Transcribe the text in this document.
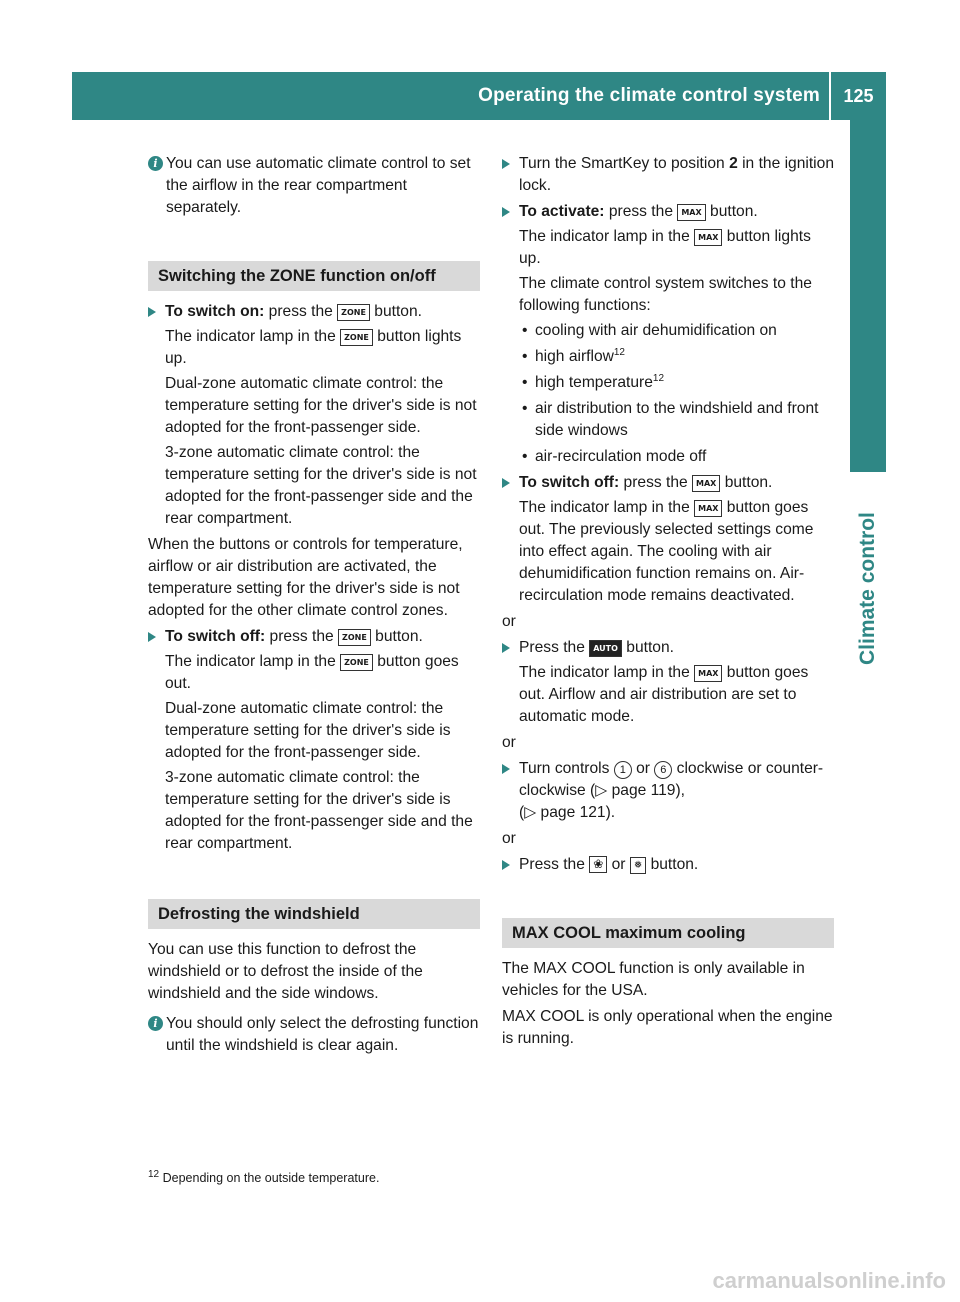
Operating the climate control system	125
Climate control
i You can use automatic climate control to set the airflow in the rear compartment separately.
Switching the ZONE function on/off

To switch on: press the ZONE button.

The indicator lamp in the ZONE button lights up.

Dual-zone automatic climate control: the temperature setting for the driver's side is not adopted for the front-passenger side.

3-zone automatic climate control: the temperature setting for the driver's side is not adopted for the front-passenger side and the rear compartment.

When the buttons or controls for temperature, airflow or air distribution are activated, the temperature setting for the driver's side is not adopted for the other climate control zones.

To switch off: press the ZONE button.

The indicator lamp in the ZONE button goes out.

Dual-zone automatic climate control: the temperature setting for the driver's side is adopted for the front-passenger side.

3-zone automatic climate control: the temperature setting for the driver's side is adopted for the front-passenger side and the rear compartment.

Defrosting the windshield

You can use this function to defrost the windshield or to defrost the inside of the windshield and the side windows.

i You should only select the defrosting function until the windshield is clear again.

Turn the SmartKey to position 2 in the ignition lock.

To activate: press the MAX button.

The indicator lamp in the MAX button lights up.

The climate control system switches to the following functions:

• cooling with air dehumidification on
• high airflow$^{12}$
• high temperature$^{12}$
• air distribution to the windshield and front side windows
• air-recirculation mode off

To switch off: press the MAX button.

The indicator lamp in the MAX button goes out. The previously selected settings come into effect again. The cooling with air dehumidification function remains on. Air-recirculation mode remains deactivated.

or

Press the AUTO button.

The indicator lamp in the MAX button goes out. Airflow and air distribution are set to automatic mode.

or

Turn controls 1 or 6 clockwise or counter-clockwise (▷ page 119),
(▷ page 121).

or

Press the ❀ or ❅ button.

MAX COOL maximum cooling

The MAX COOL function is only available in vehicles for the USA.

MAX COOL is only operational when the engine is running.

$^{12}$ Depending on the outside temperature.
carmanualsonline.info
